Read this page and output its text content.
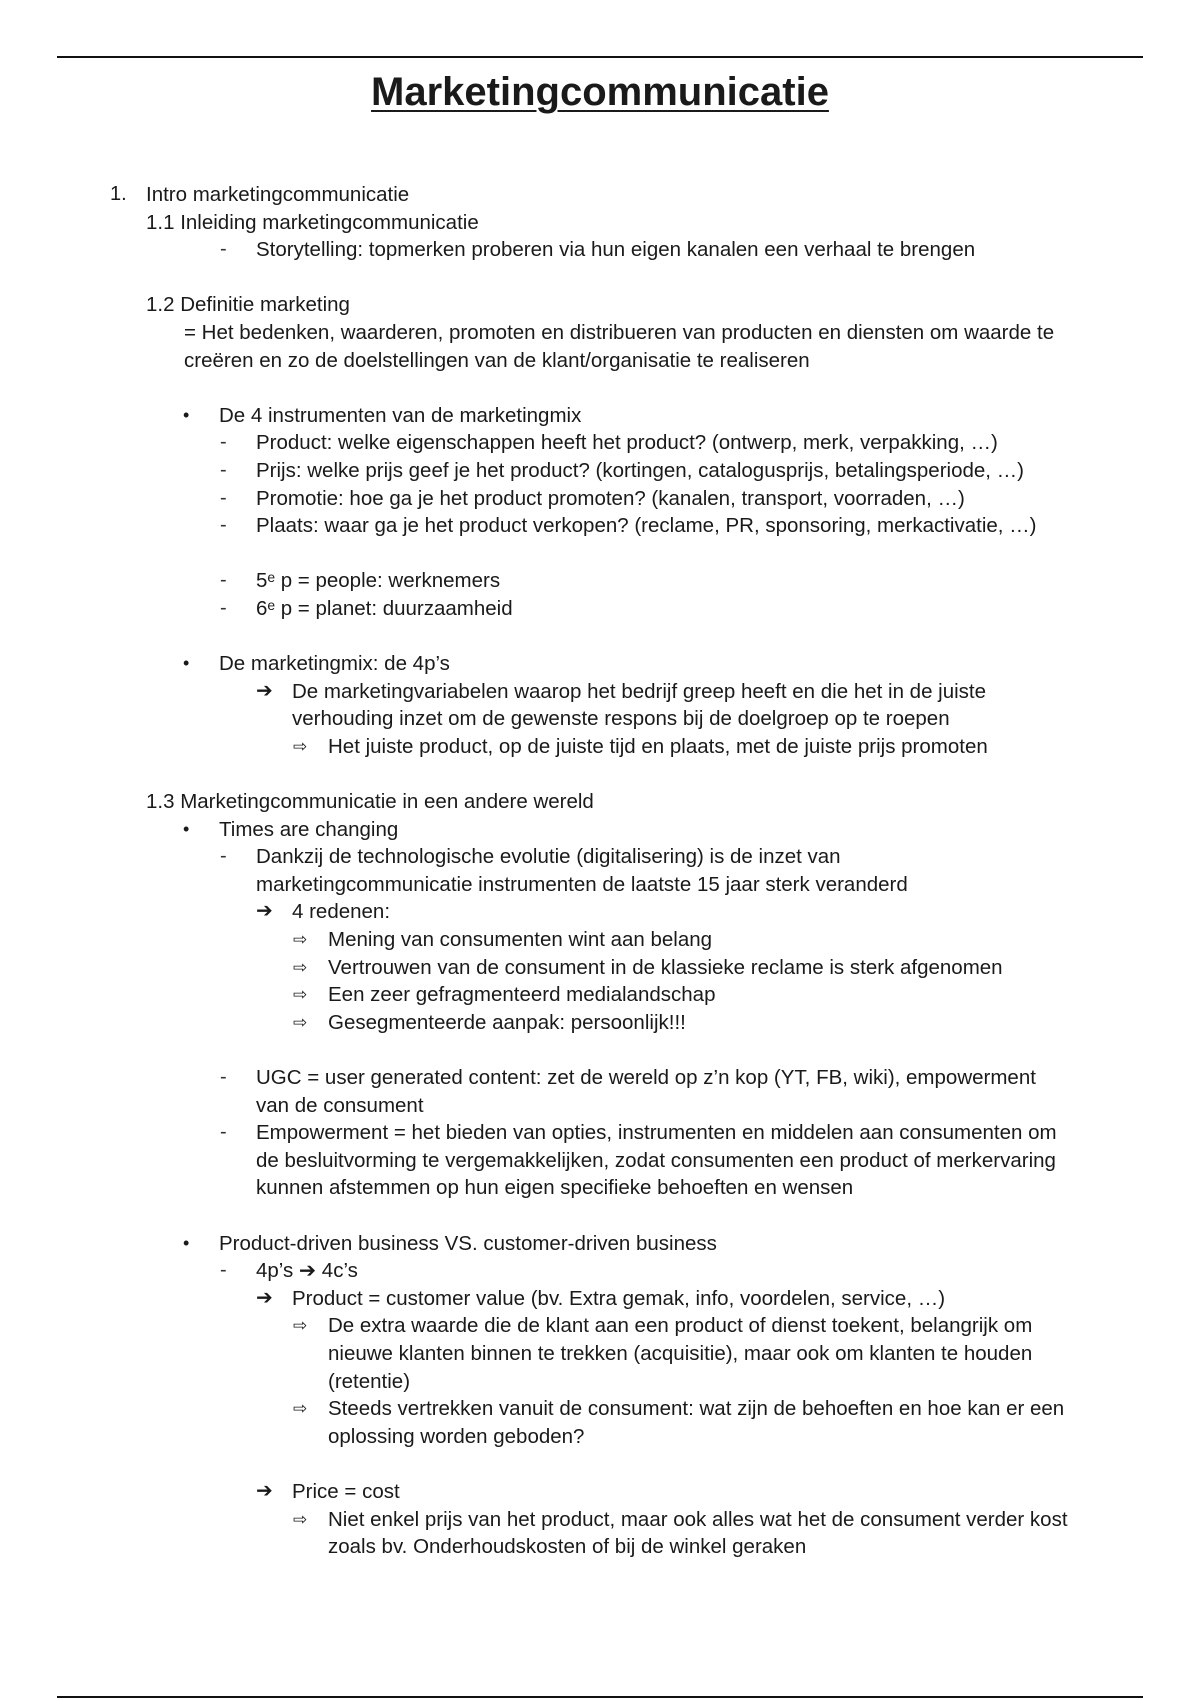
Marketingcommunicatie
1. Intro marketingcommunicatie
1.1 Inleiding marketingcommunicatie
- Storytelling: topmerken proberen via hun eigen kanalen een verhaal te brengen
1.2 Definitie marketing
= Het bedenken, waarderen, promoten en distribueren van producten en diensten om waarde te
creëren en zo de doelstellingen van de klant/organisatie te realiseren
• De 4 instrumenten van de marketingmix
- Product: welke eigenschappen heeft het product? (ontwerp, merk, verpakking, …)
- Prijs: welke prijs geef je het product? (kortingen, catalogusprijs, betalingsperiode, …)
- Promotie: hoe ga je het product promoten? (kanalen, transport, voorraden, …)
- Plaats: waar ga je het product verkopen? (reclame, PR, sponsoring, merkactivatie, …)
- 5ᵉ p = people: werknemers
- 6ᵉ p = planet: duurzaamheid
• De marketingmix: de 4p’s
➔ De marketingvariabelen waarop het bedrijf greep heeft en die het in de juiste
verhouding inzet om de gewenste respons bij de doelgroep op te roepen
⇨ Het juiste product, op de juiste tijd en plaats, met de juiste prijs promoten
1.3 Marketingcommunicatie in een andere wereld
• Times are changing
- Dankzij de technologische evolutie (digitalisering) is de inzet van
marketingcommunicatie instrumenten de laatste 15 jaar sterk veranderd
➔ 4 redenen:
⇨ Mening van consumenten wint aan belang
⇨ Vertrouwen van de consument in de klassieke reclame is sterk afgenomen
⇨ Een zeer gefragmenteerd medialandschap
⇨ Gesegmenteerde aanpak: persoonlijk!!!
- UGC = user generated content: zet de wereld op z’n kop (YT, FB, wiki), empowerment
van de consument
- Empowerment = het bieden van opties, instrumenten en middelen aan consumenten om
de besluitvorming te vergemakkelijken, zodat consumenten een product of merkervaring
kunnen afstemmen op hun eigen specifieke behoeften en wensen
• Product-driven business VS. customer-driven business
- 4p’s ➔ 4c’s
➔ Product = customer value (bv. Extra gemak, info, voordelen, service, …)
⇨ De extra waarde die de klant aan een product of dienst toekent, belangrijk om
nieuwe klanten binnen te trekken (acquisitie), maar ook om klanten te houden
(retentie)
⇨ Steeds vertrekken vanuit de consument: wat zijn de behoeften en hoe kan er een
oplossing worden geboden?
➔ Price = cost
⇨ Niet enkel prijs van het product, maar ook alles wat het de consument verder kost
zoals bv. Onderhoudskosten of bij de winkel geraken
